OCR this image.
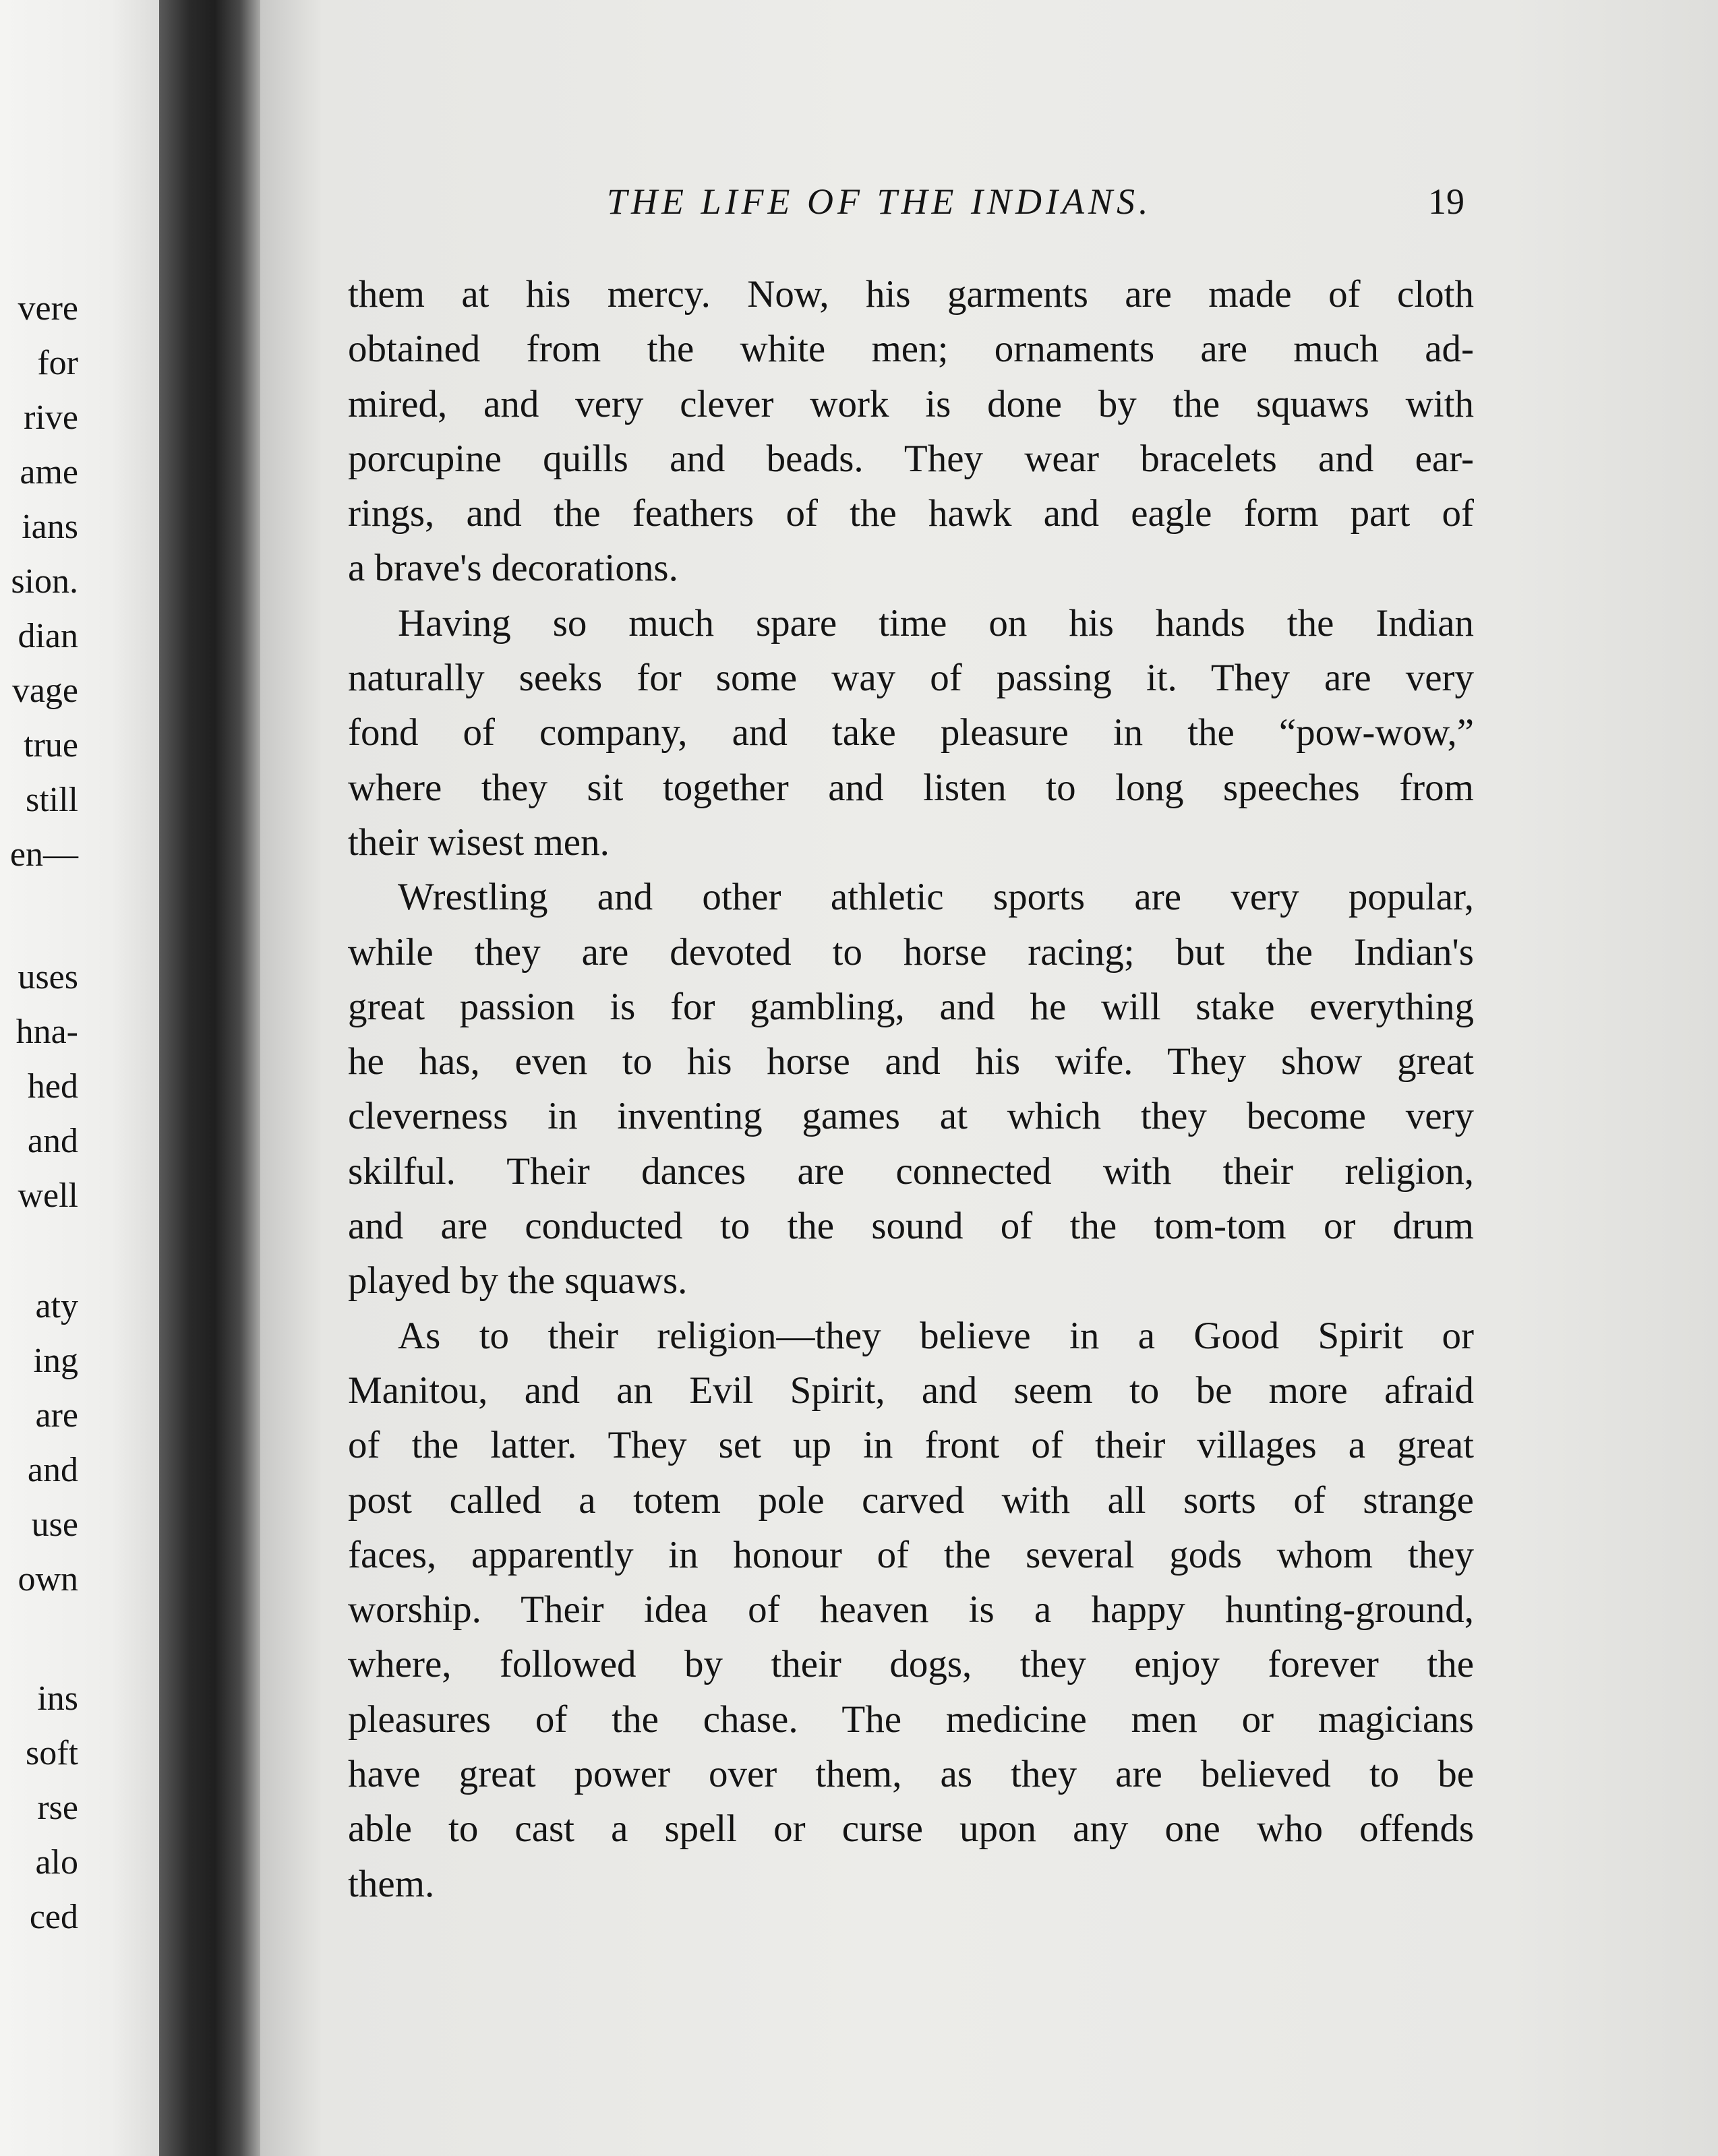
vere
for
rive
ame
ians
sion.
dian
vage
true
still
en—
uses
hna-
hed
and
well
aty
ing
are
and
use
own
ins
soft
rse
alo
ced
THE LIFE OF THE INDIANS.	19
them at his mercy. Now, his garments are made of cloth
obtained from the white men; ornaments are much ad-
mired, and very clever work is done by the squaws with
porcupine quills and beads. They wear bracelets and ear-
rings, and the feathers of the hawk and eagle form part of
a brave's decorations.
Having so much spare time on his hands the Indian
naturally seeks for some way of passing it. They are very
fond of company, and take pleasure in the “pow-wow,”
where they sit together and listen to long speeches from
their wisest men.
Wrestling and other athletic sports are very popular,
while they are devoted to horse racing; but the Indian's
great passion is for gambling, and he will stake everything
he has, even to his horse and his wife. They show great
cleverness in inventing games at which they become very
skilful. Their dances are connected with their religion,
and are conducted to the sound of the tom-tom or drum
played by the squaws.
As to their religion—they believe in a Good Spirit or
Manitou, and an Evil Spirit, and seem to be more afraid
of the latter. They set up in front of their villages a great
post called a totem pole carved with all sorts of strange
faces, apparently in honour of the several gods whom they
worship. Their idea of heaven is a happy hunting-ground,
where, followed by their dogs, they enjoy forever the
pleasures of the chase. The medicine men or magicians
have great power over them, as they are believed to be
able to cast a spell or curse upon any one who offends
them.
